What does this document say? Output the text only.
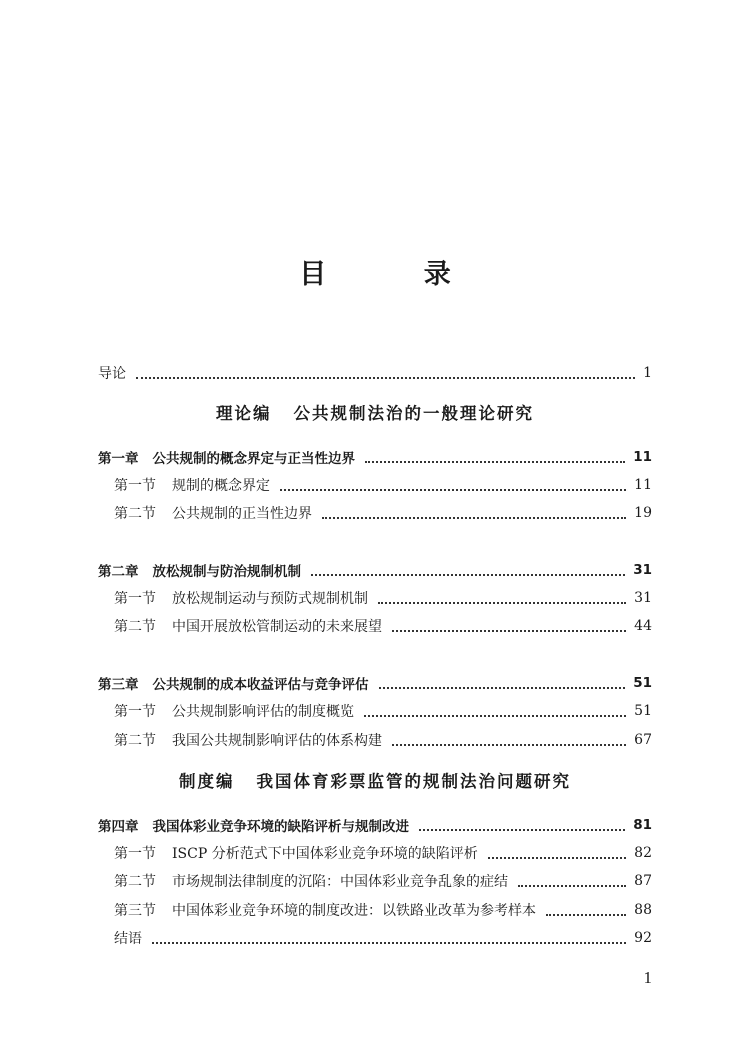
目 录
导论	1
理论编 公共规制法治的一般理论研究
第一章 公共规制的概念界定与正当性边界	11
第一节 规制的概念界定	11
第二节 公共规制的正当性边界	19
第二章 放松规制与防治规制机制	31
第一节 放松规制运动与预防式规制机制	31
第二节 中国开展放松管制运动的未来展望	44
第三章 公共规制的成本收益评估与竞争评估	51
第一节 公共规制影响评估的制度概览	51
第二节 我国公共规制影响评估的体系构建	67
制度编 我国体育彩票监管的规制法治问题研究
第四章 我国体彩业竞争环境的缺陷评析与规制改进	81
第一节 ISCP 分析范式下中国体彩业竞争环境的缺陷评析	82
第二节 市场规制法律制度的沉陷：中国体彩业竞争乱象的症结	87
第三节 中国体彩业竞争环境的制度改进：以铁路业改革为参考样本	88
结语	92
1
